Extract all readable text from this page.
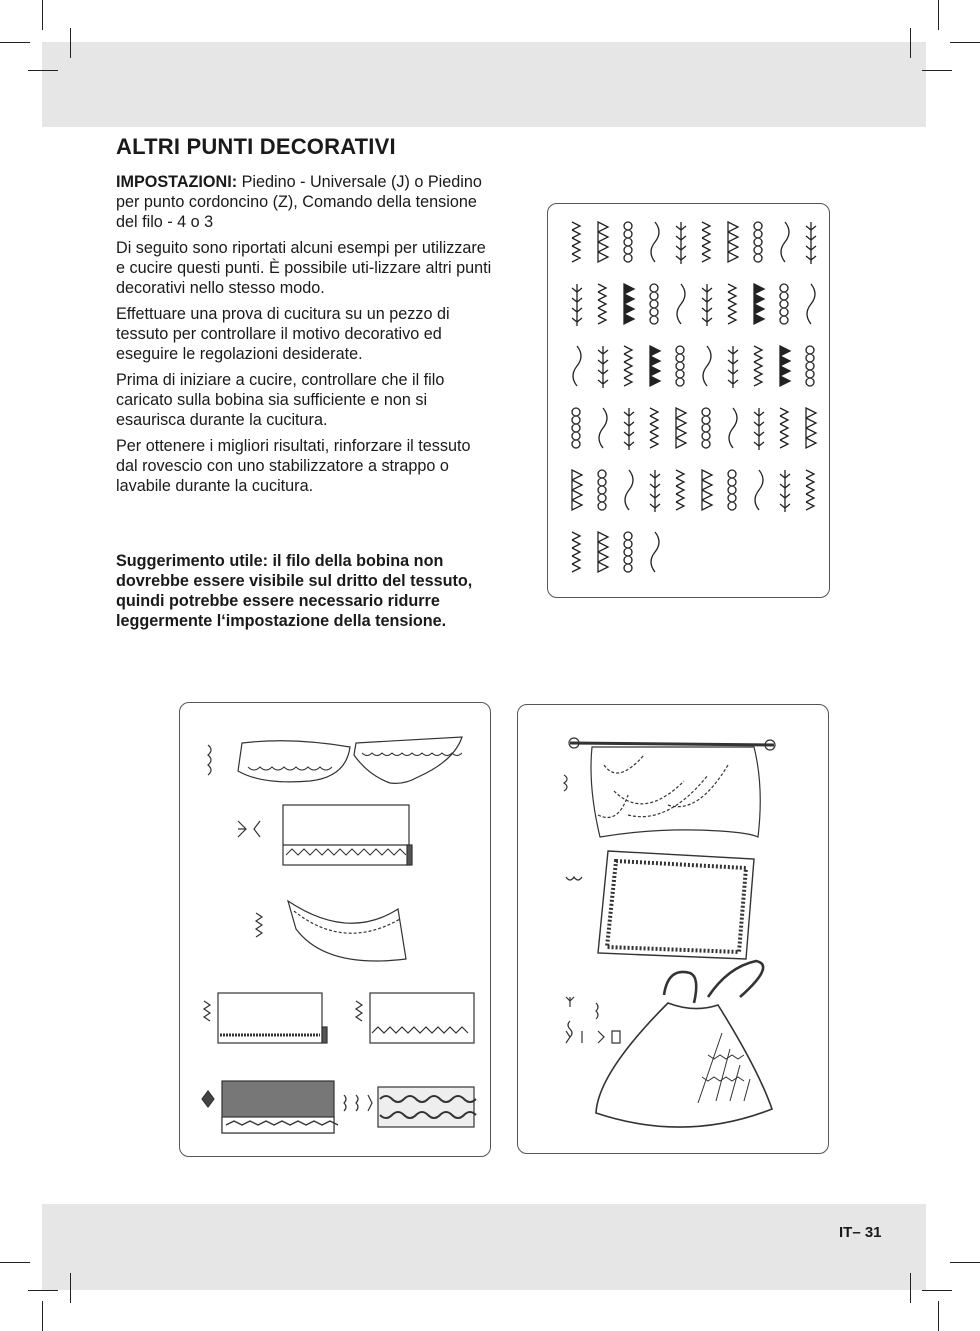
ALTRI PUNTI DECORATIVI

IMPOSTAZIONI: Piedino - Universale (J) o Piedino per punto cordoncino (Z), Comando della tensione del filo - 4 o 3

Di seguito sono riportati alcuni esempi per utilizzare e cucire questi punti. È possibile uti-lizzare altri punti decorativi nello stesso modo.

Effettuare una prova di cucitura su un pezzo di tessuto per controllare il motivo decorativo ed eseguire le regolazioni desiderate.

Prima di iniziare a cucire, controllare che il filo caricato sulla bobina sia sufficiente e non si esaurisca durante la cucitura.

Per ottenere i migliori risultati, rinforzare il tessuto dal rovescio con uno stabilizzatore a strappo o lavabile durante la cucitura.

Suggerimento utile: il filo della bobina non dovrebbe essere visibile sul dritto del tessuto, quindi potrebbe essere necessario ridurre leggermente l‘impostazione della tensione.

IT– 31
